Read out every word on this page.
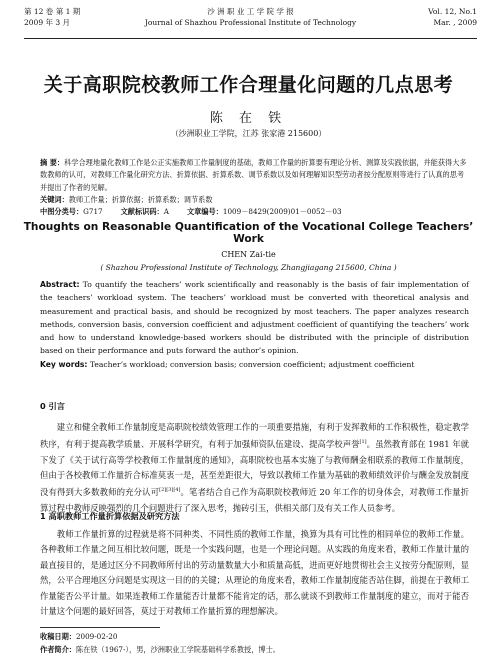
第 12 卷 第 1 期
2009 年 3 月
沙 洲 职 业 工 学 院 学 报
Journal of Shazhou Professional Institute of Technology
Vol. 12, No.1
Mar. , 2009
关于高职院校教师工作合理量化问题的几点思考
陈 在 铁
（沙洲职业工学院，江苏 张家港 215600）

摘 要：科学合理地量化教师工作是公正实施教师工作量制度的基础，教师工作量的折算要有理论分析、测算及实践依据，并能获得大多数教师的认可，对教师工作量化研究方法、折算依据、折算系数、调节系数以及如何理解知识型劳动者按分配原则等进行了认真的思考并提出了作者的见解。

关键词：教师工作量；折算依据；折算系数；调节系数

中图分类号：G717	文献标识码：A	文章编号：1009－8429(2009)01－0052－03

Thoughts on Reasonable Quantification of the Vocational College Teachers’ Work
CHEN Zai-tie
( Shazhou Professional Institute of Technology, Zhangjiagang 215600, China )

Abstract: To quantify the teachers’ work scientifically and reasonably is the basis of fair implementation of the teachers’ workload system. The teachers’ workload must be converted with theoretical analysis and measurement and practical basis, and should be recognized by most teachers. The paper analyzes research methods, conversion basis, conversion coefficient and adjustment coefficient of quantifying the teachers’ work and how to understand knowledge-based workers should be distributed with the principle of distribution based on their performance and puts forward the author’s opinion.

Key words: Teacher’s workload; conversion basis; conversion coefficient; adjustment coefficient

0 引言

建立和健全教师工作量制度是高职院校绩效管理工作的一项重要措施，有利于发挥教师的工作积极性，稳定教学秩序，有利于提高教学质量、开展科学研究，有利于加强师资队伍建设、提高学校声誉[1]。虽然教育部在 1981 年就下发了《关于试行高等学校教师工作量制度的通知》，高职院校也基本实施了与教师酬金相联系的教师工作量制度，但由于各校教师工作量折合标准莫衷一是，甚至差距很大，导致以教师工作量为基础的教师绩效评价与酬金发放制度没有得到大多数教师的充分认可[2][3][4]。笔者结合自己作为高职院校教师近 20 年工作的切身体会，对教师工作量折算过程中教师反映强烈的几个问题进行了深入思考，抛砖引玉，供相关部门及有关工作人员参考。

1 高职教师工作量折算依据及研究方法

教师工作量折算的过程就是将不同种类、不同性质的教师工作量，换算为具有可比性的相同单位的教师工作量。各种教师工作量之间互相比较问题，既是一个实践问题，也是一个理论问题。从实践的角度来看，教师工作量计量的最直接目的，是通过区分不同教师所付出的劳动量数量大小和质量高低，进而更好地贯彻社会主义按劳分配原则，显然，公平合理地区分问题是实现这一目的的关键；从理论的角度来看，教师工作量制度能否站住脚，前提在于教师工作量能否公平计量。如果连教师工作量能否计量都不能肯定的话，那么就谈不到教师工作量制度的建立，而对于能否计量这个问题的最好回答，莫过于对教师工作量折算的理想解决。

收稿日期：2009-02-20
作者简介：陈在铁（1967-），男，沙洲职业工学院基础科学系教授，博士。
